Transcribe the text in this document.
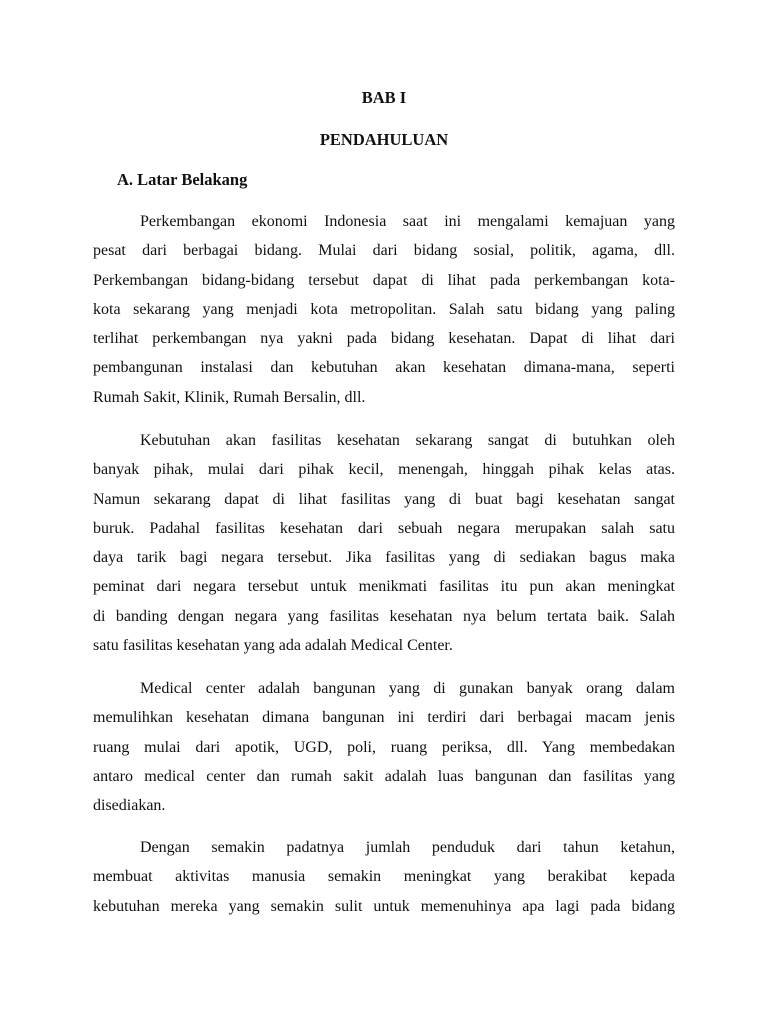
BAB I
PENDAHULUAN
A. Latar Belakang

Perkembangan ekonomi Indonesia saat ini mengalami kemajuan yang
pesat dari berbagai bidang. Mulai dari bidang sosial, politik, agama, dll.
Perkembangan bidang-bidang tersebut dapat di lihat pada perkembangan kota-
kota sekarang yang menjadi kota metropolitan. Salah satu bidang yang paling
terlihat perkembangan nya yakni pada bidang kesehatan. Dapat di lihat dari
pembangunan instalasi dan kebutuhan akan kesehatan dimana-mana, seperti
Rumah Sakit, Klinik, Rumah Bersalin, dll.

Kebutuhan akan fasilitas kesehatan sekarang sangat di butuhkan oleh
banyak pihak, mulai dari pihak kecil, menengah, hinggah pihak kelas atas.
Namun sekarang dapat di lihat fasilitas yang di buat bagi kesehatan sangat
buruk. Padahal fasilitas kesehatan dari sebuah negara merupakan salah satu
daya tarik bagi negara tersebut. Jika fasilitas yang di sediakan bagus maka
peminat dari negara tersebut untuk menikmati fasilitas itu pun akan meningkat
di banding dengan negara yang fasilitas kesehatan nya belum tertata baik. Salah
satu fasilitas kesehatan yang ada adalah Medical Center.

Medical center adalah bangunan yang di gunakan banyak orang dalam
memulihkan kesehatan dimana bangunan ini terdiri dari berbagai macam jenis
ruang mulai dari apotik, UGD, poli, ruang periksa, dll. Yang membedakan
antaro medical center dan rumah sakit adalah luas bangunan dan fasilitas yang
disediakan.

Dengan semakin padatnya jumlah penduduk dari tahun ketahun,
membuat aktivitas manusia semakin meningkat yang berakibat kepada
kebutuhan mereka yang semakin sulit untuk memenuhinya apa lagi pada bidang
